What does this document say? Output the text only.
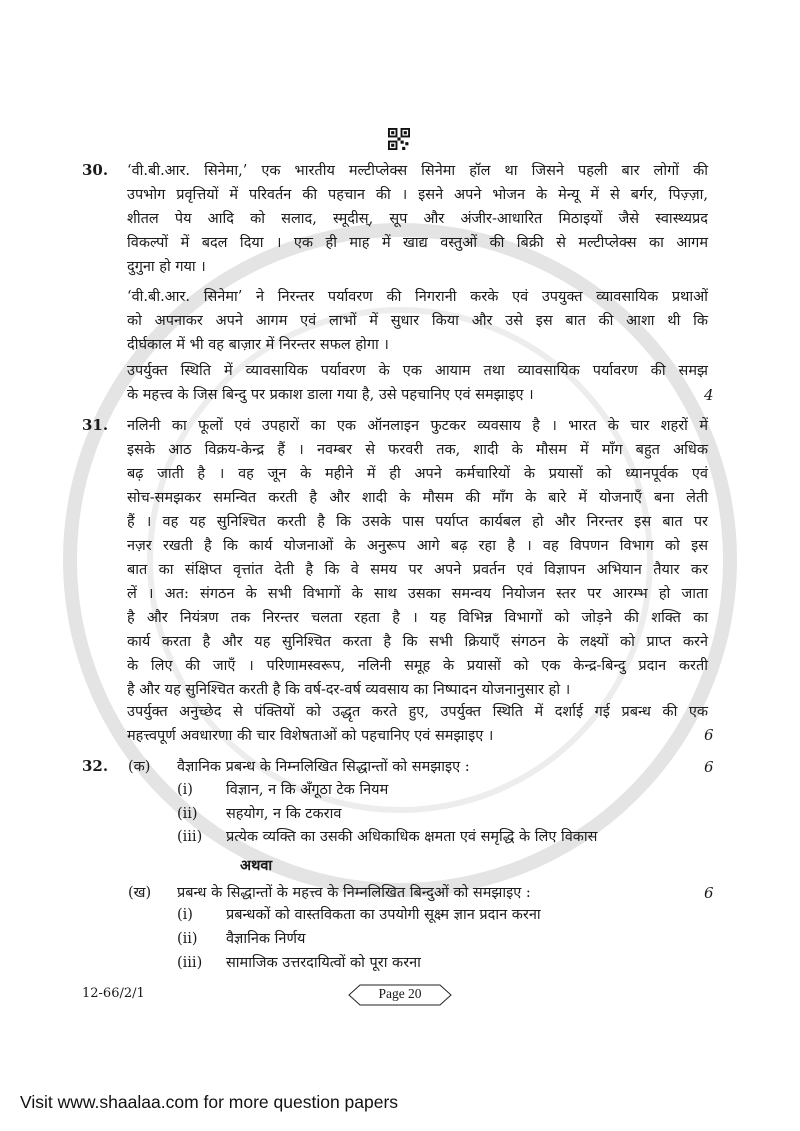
30. ‘वी.बी.आर. सिनेमा,’ एक भारतीय मल्टीप्लेक्स सिनेमा हॉल था जिसने पहली बार लोगों की
उपभोग प्रवृत्तियों में परिवर्तन की पहचान की । इसने अपने भोजन के मेन्यू में से बर्गर, पिज़्ज़ा,
शीतल पेय आदि को सलाद, स्मूदीस्, सूप और अंजीर-आधारित मिठाइयों जैसे स्वास्थ्यप्रद
विकल्पों में बदल दिया । एक ही माह में खाद्य वस्तुओं की बिक्री से मल्टीप्लेक्स का आगम
दुगुना हो गया ।
‘वी.बी.आर. सिनेमा’ ने निरन्तर पर्यावरण की निगरानी करके एवं उपयुक्त व्यावसायिक प्रथाओं
को अपनाकर अपने आगम एवं लाभों में सुधार किया और उसे इस बात की आशा थी कि
दीर्घकाल में भी वह बाज़ार में निरन्तर सफल होगा ।
उपर्युक्त स्थिति में व्यावसायिक पर्यावरण के एक आयाम तथा व्यावसायिक पर्यावरण की समझ
के महत्त्व के जिस बिन्दु पर प्रकाश डाला गया है, उसे पहचानिए एवं समझाइए ।	4
31. नलिनी का फूलों एवं उपहारों का एक ऑनलाइन फुटकर व्यवसाय है । भारत के चार शहरों में
इसके आठ विक्रय-केन्द्र हैं । नवम्बर से फरवरी तक, शादी के मौसम में माँग बहुत अधिक
बढ़ जाती है । वह जून के महीने में ही अपने कर्मचारियों के प्रयासों को ध्यानपूर्वक एवं
सोच-समझकर समन्वित करती है और शादी के मौसम की माँग के बारे में योजनाएँ बना लेती
हैं । वह यह सुनिश्चित करती है कि उसके पास पर्याप्त कार्यबल हो और निरन्तर इस बात पर
नज़र रखती है कि कार्य योजनाओं के अनुरूप आगे बढ़ रहा है । वह विपणन विभाग को इस
बात का संक्षिप्त वृत्तांत देती है कि वे समय पर अपने प्रवर्तन एवं विज्ञापन अभियान तैयार कर
लें । अत: संगठन के सभी विभागों के साथ उसका समन्वय नियोजन स्तर पर आरम्भ हो जाता
है और नियंत्रण तक निरन्तर चलता रहता है । यह विभिन्न विभागों को जोड़ने की शक्ति का
कार्य करता है और यह सुनिश्चित करता है कि सभी क्रियाएँ संगठन के लक्ष्यों को प्राप्त करने
के लिए की जाएँ । परिणामस्वरूप, नलिनी समूह के प्रयासों को एक केन्द्र-बिन्दु प्रदान करती
है और यह सुनिश्चित करती है कि वर्ष-दर-वर्ष व्यवसाय का निष्पादन योजनानुसार हो ।
उपर्युक्त अनुच्छेद से पंक्तियों को उद्धृत करते हुए, उपर्युक्त स्थिति में दर्शाई गई प्रबन्ध की एक
महत्त्वपूर्ण अवधारणा की चार विशेषताओं को पहचानिए एवं समझाइए ।	6
32. (क) वैज्ञानिक प्रबन्ध के निम्नलिखित सिद्धान्तों को समझाइए :	6
(i) विज्ञान, न कि अँगूठा टेक नियम
(ii) सहयोग, न कि टकराव
(iii) प्रत्येक व्यक्ति का उसकी अधिकाधिक क्षमता एवं समृद्धि के लिए विकास
अथवा
(ख) प्रबन्ध के सिद्धान्तों के महत्त्व के निम्नलिखित बिन्दुओं को समझाइए :	6
(i) प्रबन्धकों को वास्तविकता का उपयोगी सूक्ष्म ज्ञान प्रदान करना
(ii) वैज्ञानिक निर्णय
(iii) सामाजिक उत्तरदायित्वों को पूरा करना
12-66/2/1	Page 20
Visit www.shaalaa.com for more question papers
